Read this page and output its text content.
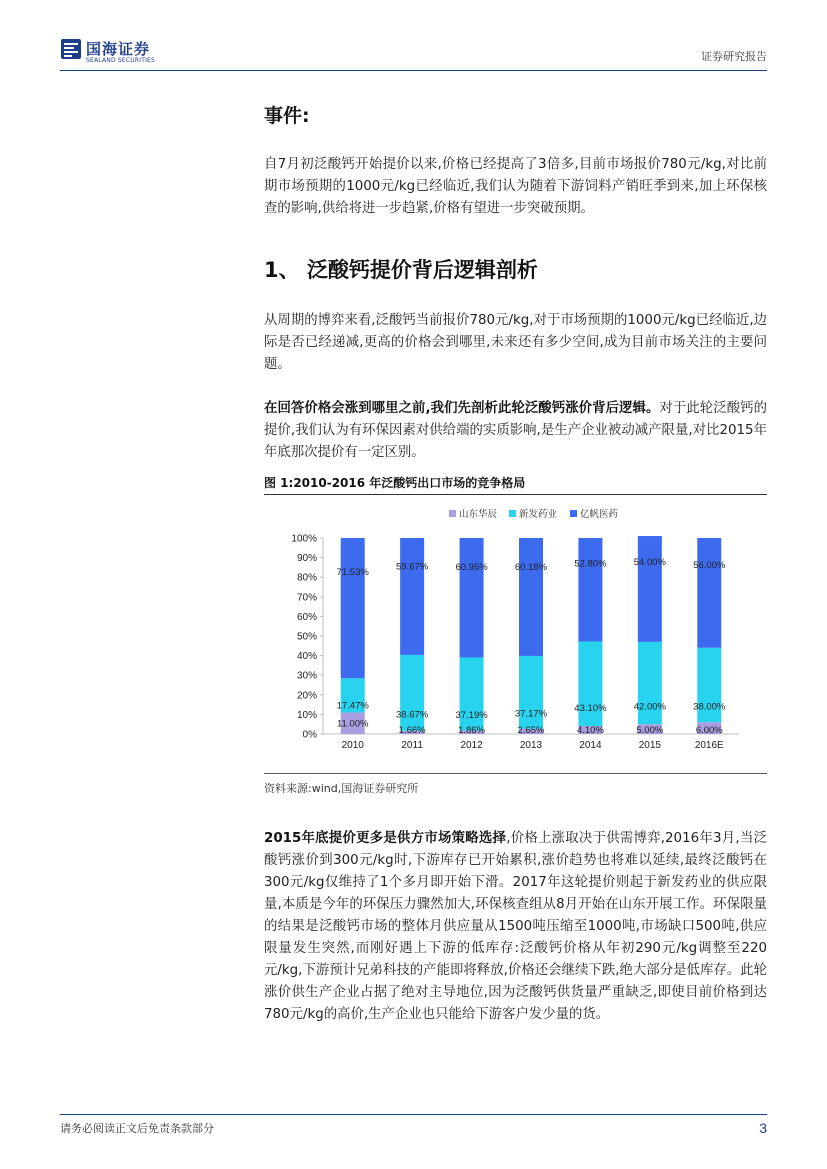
国海证券
SEALAND SECURITIES	证券研究报告
事件:
自7月初泛酸钙开始提价以来,价格已经提高了3倍多,目前市场报价780元/kg,对比前期市场预期的1000元/kg已经临近,我们认为随着下游饲料产销旺季到来,加上环保核查的影响,供给将进一步趋紧,价格有望进一步突破预期。
1、 泛酸钙提价背后逻辑剖析
从周期的博弈来看,泛酸钙当前报价780元/kg,对于市场预期的1000元/kg已经临近,边际是否已经递减,更高的价格会到哪里,未来还有多少空间,成为目前市场关注的主要问题。
在回答价格会涨到哪里之前,我们先剖析此轮泛酸钙涨价背后逻辑。对于此轮泛酸钙的提价,我们认为有环保因素对供给端的实质影响,是生产企业被动减产限量,对比2015年年底那次提价有一定区别。
图 1:2010-2016 年泛酸钙出口市场的竞争格局
0%
10%
20%
30%
40%
50%
60%
70%
80%
90%
100%
山东华辰 新发药业 亿帆医药
2010	2011	2012	2013	2014	2015	2016E
11.00%
17.47%
71.53%
1.66%
38.67%
59.67%
1.86%
37.19%
60.95%
2.65%
37.17%
60.18%
4.10%
43.10%
52.80%
5.00%
42.00%
54.00%
6.00%
38.00%
56.00%
资料来源:wind,国海证券研究所
2015年底提价更多是供方市场策略选择,价格上涨取决于供需博弈,2016年3月,当泛酸钙涨价到300元/kg时,下游库存已开始累积,涨价趋势也将难以延续,最终泛酸钙在300元/kg仅维持了1个多月即开始下滑。2017年这轮提价则起于新发药业的供应限量,本质是今年的环保压力骤然加大,环保核查组从8月开始在山东开展工作。环保限量的结果是泛酸钙市场的整体月供应量从1500吨压缩至1000吨,市场缺口500吨,供应限量发生突然,而刚好遇上下游的低库存:泛酸钙价格从年初290元/kg调整至220元/kg,下游预计兄弟科技的产能即将释放,价格还会继续下跌,绝大部分是低库存。此轮涨价供生产企业占据了绝对主导地位,因为泛酸钙供货量严重缺乏,即使目前价格到达780元/kg的高价,生产企业也只能给下游客户发少量的货。
请务必阅读正文后免责条款部分	3
